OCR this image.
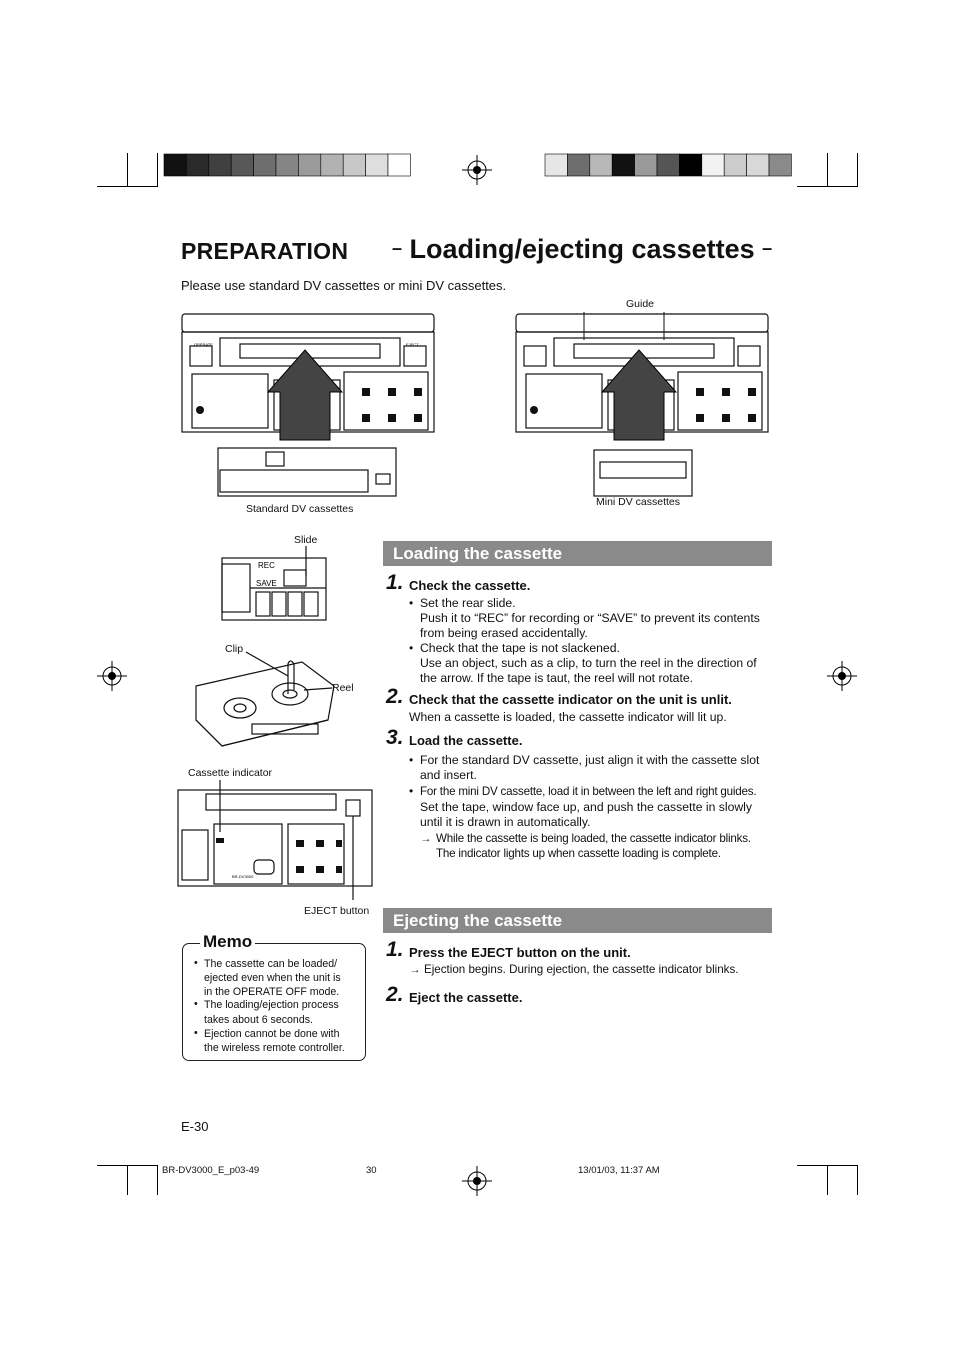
PREPARATION – Loading/ejecting cassettes –
Please use standard DV cassettes or mini DV cassettes.
OPERATE	EJECT
Guide
Standard DV cassettes
Mini DV cassettes
REC
SAVE
Slide
Clip
Reel
BR-DV3000
Cassette indicator
EJECT button
Loading the cassette
1. Check the cassette.
• Set the rear slide.
Push it to “REC” for recording or “SAVE” to prevent its contents
from being erased accidentally.
• Check that the tape is not slackened.
Use an object, such as a clip, to turn the reel in the direction of
the arrow. If the tape is taut, the reel will not rotate.
2. Check that the cassette indicator on the unit is unlit.
When a cassette is loaded, the cassette indicator will lit up.
3. Load the cassette.
• For the standard DV cassette, just align it with the cassette slot
and insert.
• For the mini DV cassette, load it in between the left and right guides.
Set the tape, window face up, and push the cassette in slowly
until it is drawn in automatically.
→ While the cassette is being loaded, the cassette indicator blinks.
The indicator lights up when cassette loading is complete.
Ejecting the cassette
1. Press the EJECT button on the unit.
→ Ejection begins. During ejection, the cassette indicator blinks.
2. Eject the cassette.
Memo
• The cassette can be loaded/
ejected even when the unit is
in the OPERATE OFF mode.
• The loading/ejection process
takes about 6 seconds.
• Ejection cannot be done with
the wireless remote controller.
E-30
BR-DV3000_E_p03-49	30	13/01/03, 11:37 AM
